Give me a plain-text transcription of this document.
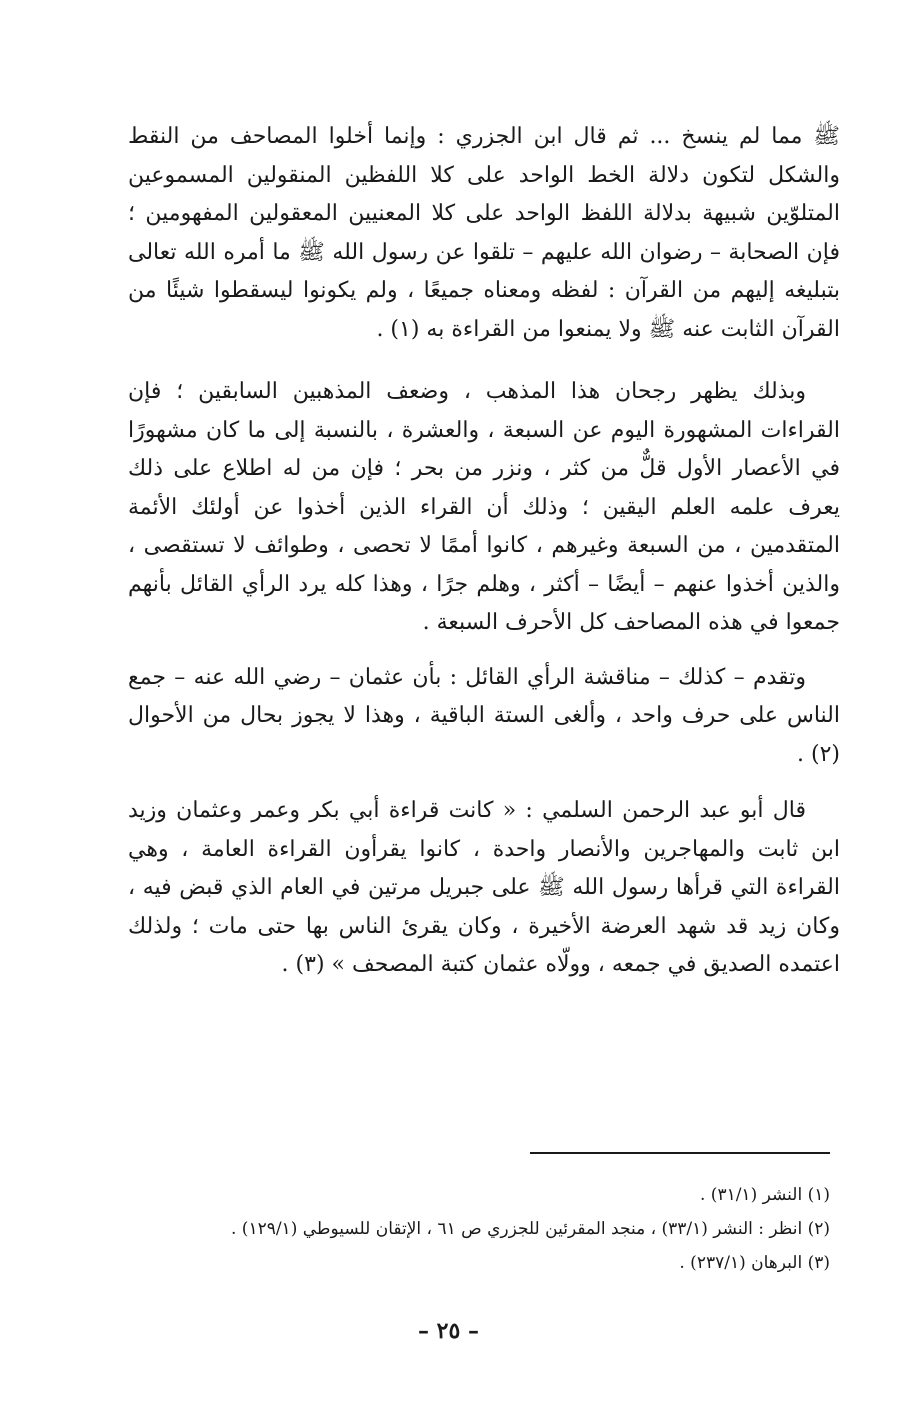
ﷺ مما لم ينسخ ... ثم قال ابن الجزري : وإنما أخلوا المصاحف من النقط والشكل لتكون دلالة الخط الواحد على كلا اللفظين المنقولين المسموعين المتلوّين شبيهة بدلالة اللفظ الواحد على كلا المعنيين المعقولين المفهومين ؛ فإن الصحابة – رضوان الله عليهم – تلقوا عن رسول الله ﷺ ما أمره الله تعالى بتبليغه إليهم من القرآن : لفظه ومعناه جميعًا ، ولم يكونوا ليسقطوا شيئًا من القرآن الثابت عنه ﷺ ولا يمنعوا من القراءة به (١) .

وبذلك يظهر رجحان هذا المذهب ، وضعف المذهبين السابقين ؛ فإن القراءات المشهورة اليوم عن السبعة ، والعشرة ، بالنسبة إلى ما كان مشهورًا في الأعصار الأول قلٌّ من كثر ، ونزر من بحر ؛ فإن من له اطلاع على ذلك يعرف علمه العلم اليقين ؛ وذلك أن القراء الذين أخذوا عن أولئك الأئمة المتقدمين ، من السبعة وغيرهم ، كانوا أممًا لا تحصى ، وطوائف لا تستقصى ، والذين أخذوا عنهم – أيضًا – أكثر ، وهلم جرًا ، وهذا كله يرد الرأي القائل بأنهم جمعوا في هذه المصاحف كل الأحرف السبعة .

وتقدم – كذلك – مناقشة الرأي القائل : بأن عثمان – رضي الله عنه – جمع الناس على حرف واحد ، وألغى الستة الباقية ، وهذا لا يجوز بحال من الأحوال (٢) .

قال أبو عبد الرحمن السلمي : « كانت قراءة أبي بكر وعمر وعثمان وزيد ابن ثابت والمهاجرين والأنصار واحدة ، كانوا يقرأون القراءة العامة ، وهي القراءة التي قرأها رسول الله ﷺ على جبريل مرتين في العام الذي قبض فيه ، وكان زيد قد شهد العرضة الأخيرة ، وكان يقرئ الناس بها حتى مات ؛ ولذلك اعتمده الصديق في جمعه ، وولّاه عثمان كتبة المصحف » (٣) .

(١) النشر (٣١/١) .

(٢) انظر : النشر (٣٣/١) ، منجد المقرئين للجزري ص ٦١ ، الإتقان للسيوطي (١٢٩/١) .

(٣) البرهان (٢٣٧/١) .

– ٢٥ –
